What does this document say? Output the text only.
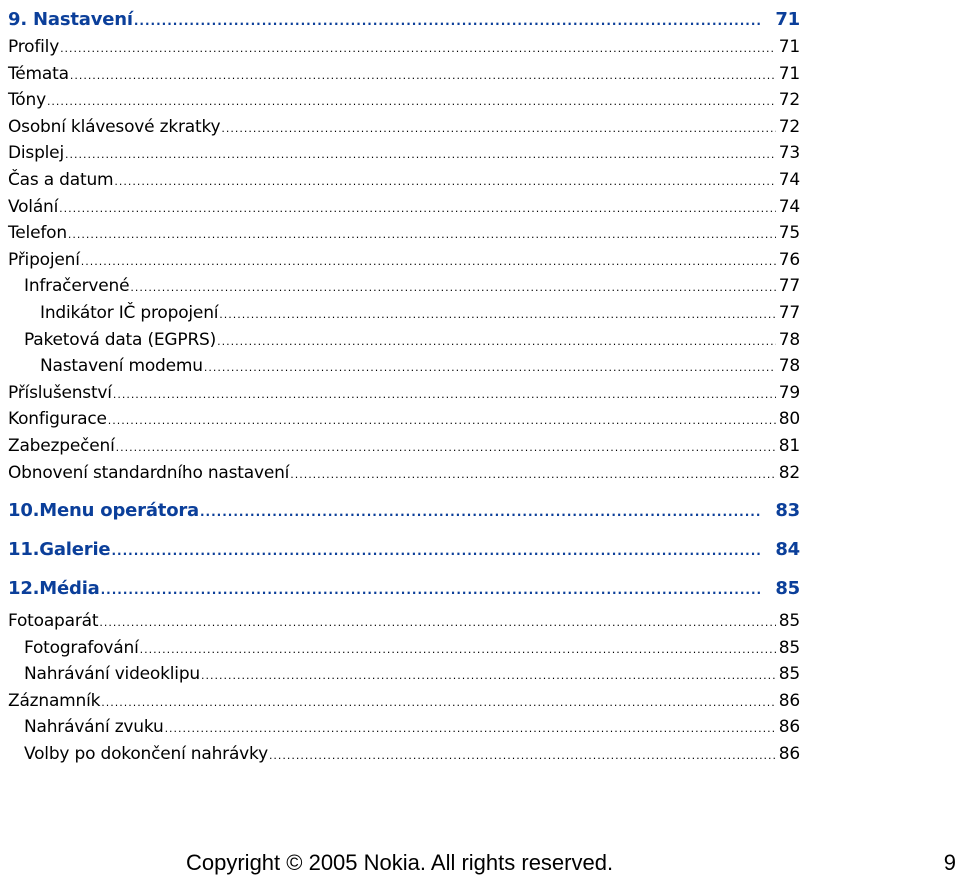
9. Nastavení .....	71
Profily .....	71
Témata .....	71
Tóny .....	72
Osobní klávesové zkratky .....	72
Displej .....	73
Čas a datum .....	74
Volání .....	74
Telefon .....	75
Připojení .....	76
Infračervené .....	77
Indikátor IČ propojení .....	77
Paketová data (EGPRS) .....	78
Nastavení modemu .....	78
Příslušenství .....	79
Konfigurace .....	80
Zabezpečení .....	81
Obnovení standardního nastavení .....	82
10.Menu operátora .....	83
11.Galerie .....	84
12.Média .....	85
Fotoaparát .....	85
Fotografování .....	85
Nahrávání videoklipu .....	85
Záznamník .....	86
Nahrávání zvuku .....	86
Volby po dokončení nahrávky .....	86
Copyright © 2005 Nokia. All rights reserved.	9
